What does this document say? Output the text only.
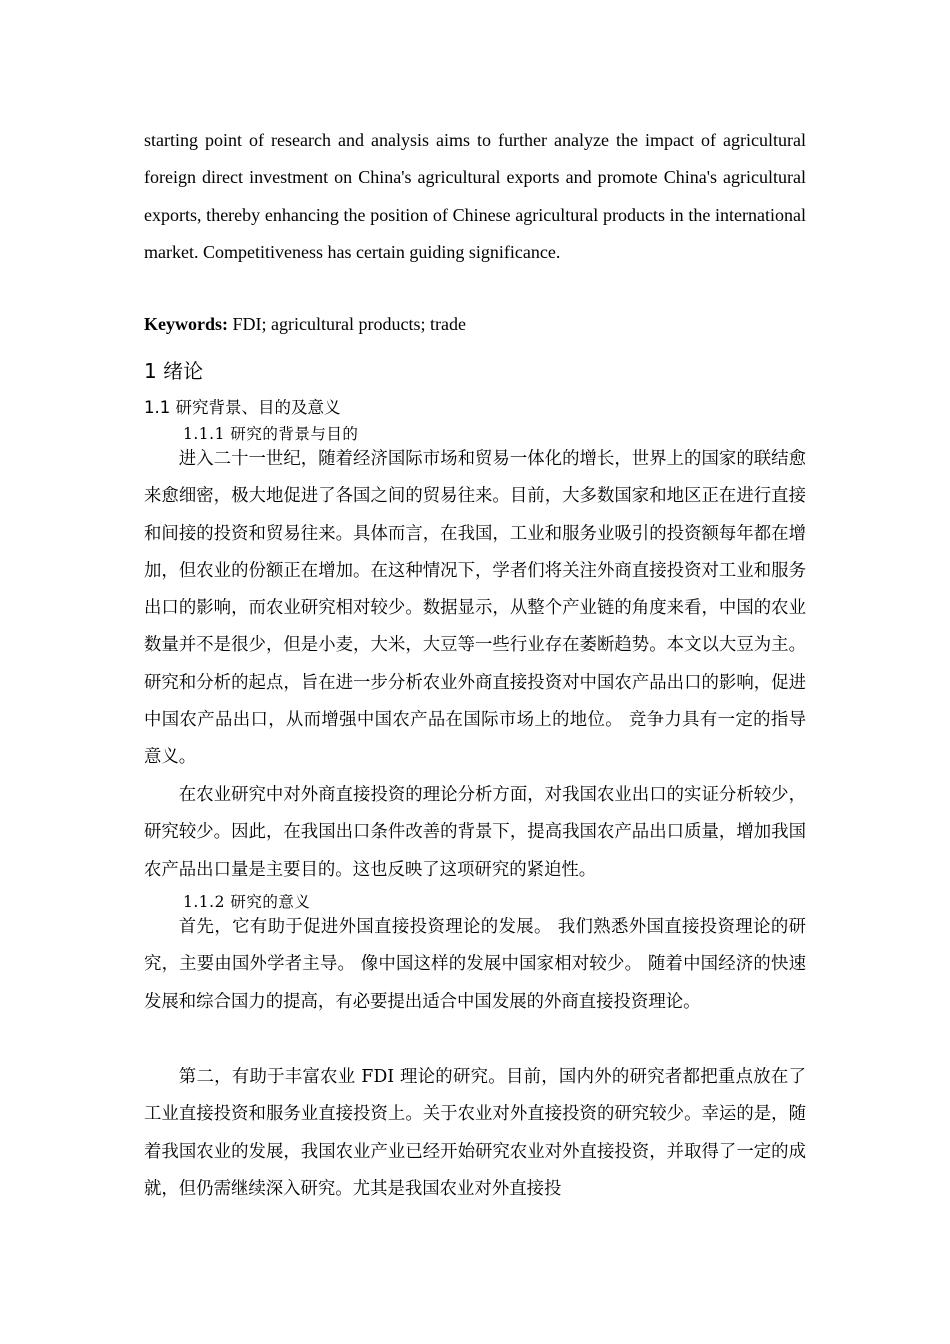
starting point of research and analysis aims to further analyze the impact of agricultural foreign direct investment on China's agricultural exports and promote China's agricultural exports, thereby enhancing the position of Chinese agricultural products in the international market. Competitiveness has certain guiding significance.

Keywords: FDI; agricultural products; trade

1 绪论
1.1 研究背景、目的及意义
1.1.1 研究的背景与目的

进入二十一世纪，随着经济国际市场和贸易一体化的增长，世界上的国家的联结愈来愈细密，极大地促进了各国之间的贸易往来。目前，大多数国家和地区正在进行直接和间接的投资和贸易往来。具体而言，在我国，工业和服务业吸引的投资额每年都在增加，但农业的份额正在增加。在这种情况下，学者们将关注外商直接投资对工业和服务出口的影响，而农业研究相对较少。数据显示，从整个产业链的角度来看，中国的农业数量并不是很少，但是小麦，大米，大豆等一些行业存在萎断趋势。本文以大豆为主。 研究和分析的起点，旨在进一步分析农业外商直接投资对中国农产品出口的影响，促进中国农产品出口，从而增强中国农产品在国际市场上的地位。 竞争力具有一定的指导意义。

在农业研究中对外商直接投资的理论分析方面，对我国农业出口的实证分析较少，研究较少。因此，在我国出口条件改善的背景下，提高我国农产品出口质量，增加我国农产品出口量是主要目的。这也反映了这项研究的紧迫性。

1.1.2 研究的意义

首先，它有助于促进外国直接投资理论的发展。 我们熟悉外国直接投资理论的研究，主要由国外学者主导。 像中国这样的发展中国家相对较少。 随着中国经济的快速发展和综合国力的提高，有必要提出适合中国发展的外商直接投资理论。

第二，有助于丰富农业 FDI 理论的研究。目前，国内外的研究者都把重点放在了工业直接投资和服务业直接投资上。关于农业对外直接投资的研究较少。幸运的是，随着我国农业的发展，我国农业产业已经开始研究农业对外直接投资，并取得了一定的成就，但仍需继续深入研究。尤其是我国农业对外直接投
